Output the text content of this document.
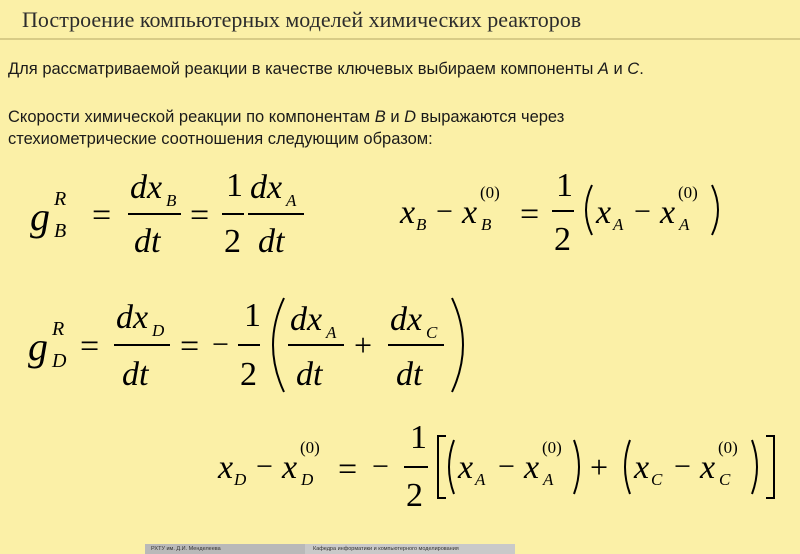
Построение компьютерных моделей химических реакторов
Для рассматриваемой реакции в качестве ключевых выбираем компоненты A и C.
Скорости химической реакции по компонентам B и D выражаются через
стехиометрические соотношения следующим образом:
g R
B =
dx B
dt
=
1
2
dx A
dt
x B − x
(0)
B =
1
2
x A − x
(0)
A
g R
D =
dx D
dt
= −
1
2
dx A
dt
+
dx C
dt
x D − x
(0)
D = −
1
2
x A − x
(0)
A + x C − x
(0)
C
РХТУ им. Д.И. Менделеева	Кафедра информатики и компьютерного моделирования
